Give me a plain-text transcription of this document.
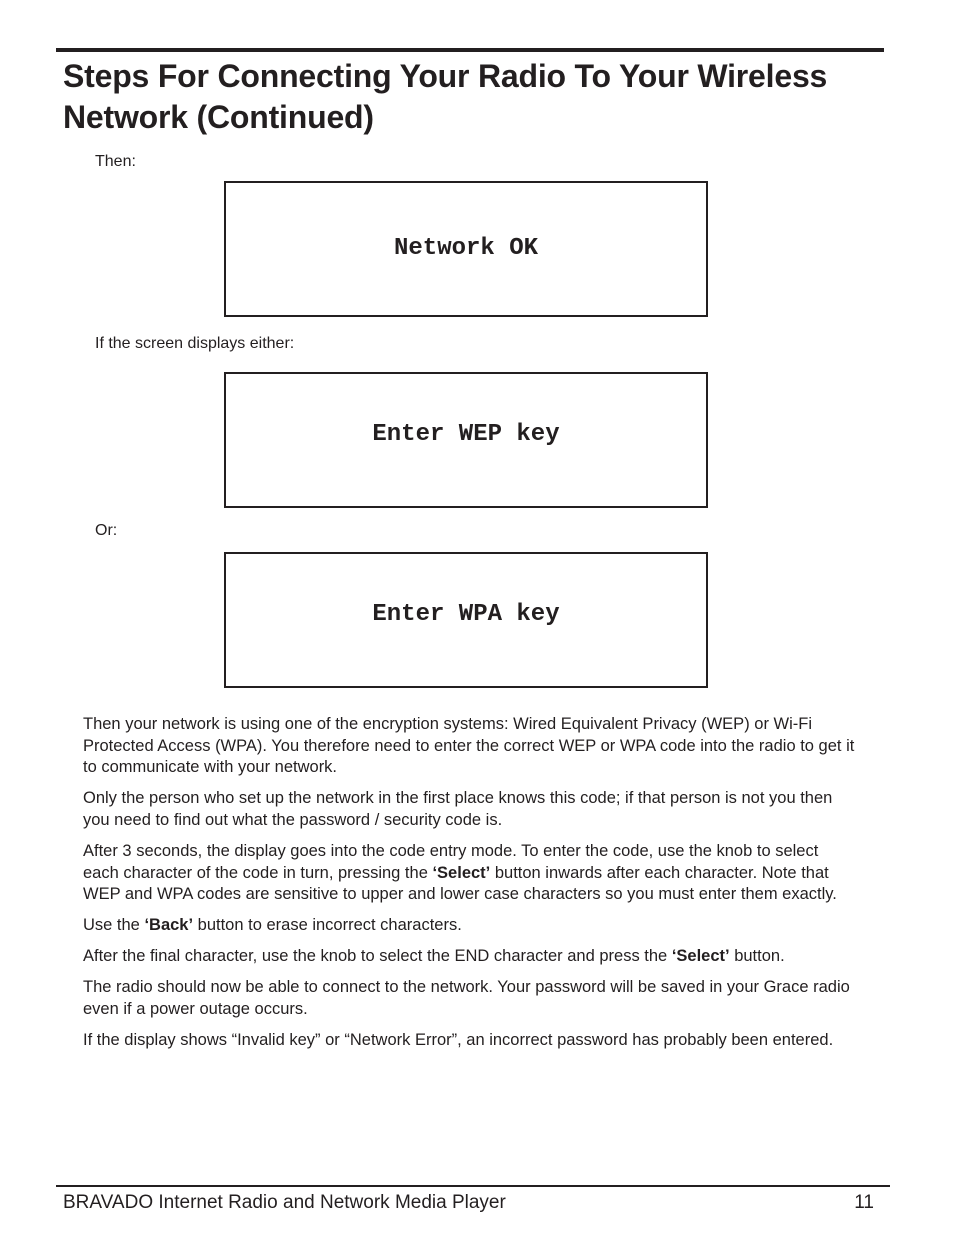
Steps For Connecting Your Radio To Your Wireless Network (Continued)
Then:
Network OK
If the screen displays either:
Enter WEP key
Or:
Enter WPA key

Then your network is using one of the encryption systems: Wired Equivalent Privacy (WEP) or Wi-Fi Protected Access (WPA). You therefore need to enter the correct WEP or WPA code into the radio to get it to communicate with your network.

Only the person who set up the network in the first place knows this code; if that person is not you then you need to find out what the password / security code is.

After 3 seconds, the display goes into the code entry mode. To enter the code, use the knob to select each character of the code in turn, pressing the ‘Select’ button inwards after each character. Note that WEP and WPA codes are sensitive to upper and lower case characters so you must enter them exactly.

Use the ‘Back’ button to erase incorrect characters.

After the final character, use the knob to select the END character and press the ‘Select’ button.

The radio should now be able to connect to the network. Your password will be saved in your Grace radio even if a power outage occurs.

If the display shows “Invalid key” or “Network Error”, an incorrect password has probably been entered.

BRAVADO Internet Radio and Network Media Player	11
